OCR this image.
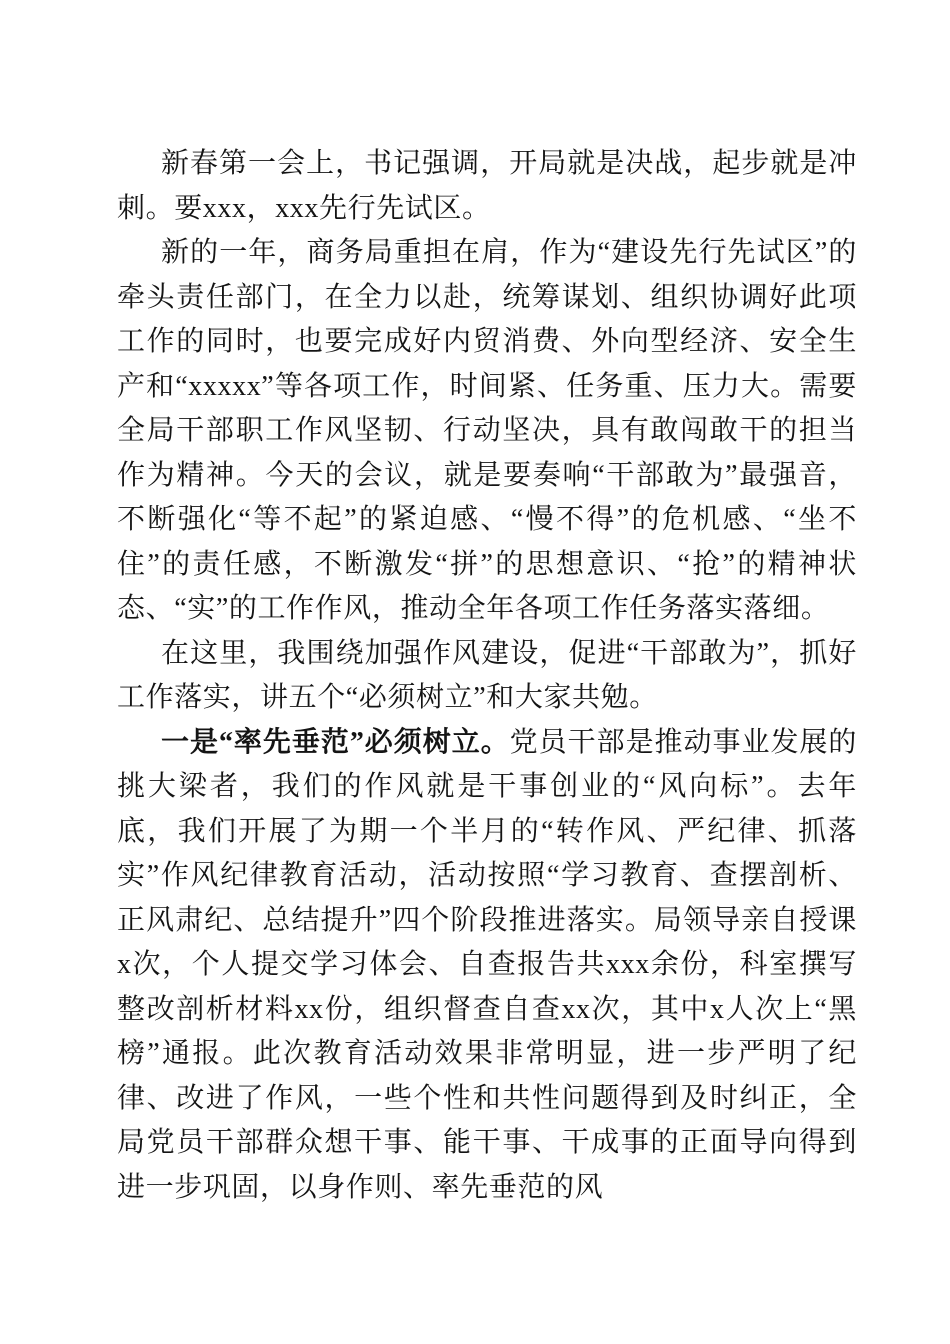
新春第一会上，书记强调，开局就是决战，起步就是冲刺。要xxx，xxx先行先试区。

新的一年，商务局重担在肩，作为“建设先行先试区”的牵头责任部门，在全力以赴，统筹谋划、组织协调好此项工作的同时，也要完成好内贸消费、外向型经济、安全生产和“xxxxx”等各项工作，时间紧、任务重、压力大。需要全局干部职工作风坚韧、行动坚决，具有敢闯敢干的担当作为精神。今天的会议，就是要奏响“干部敢为”最强音，不断强化“等不起”的紧迫感、“慢不得”的危机感、“坐不住”的责任感，不断激发“拼”的思想意识、“抢”的精神状态、“实”的工作作风，推动全年各项工作任务落实落细。

在这里，我围绕加强作风建设，促进“干部敢为”，抓好工作落实，讲五个“必须树立”和大家共勉。

一是“率先垂范”必须树立。党员干部是推动事业发展的挑大梁者，我们的作风就是干事创业的“风向标”。去年底，我们开展了为期一个半月的“转作风、严纪律、抓落实”作风纪律教育活动，活动按照“学习教育、查摆剖析、正风肃纪、总结提升”四个阶段推进落实。局领导亲自授课x次，个人提交学习体会、自查报告共xxx余份，科室撰写整改剖析材料xx份，组织督查自查xx次，其中x人次上“黑榜”通报。此次教育活动效果非常明显，进一步严明了纪律、改进了作风，一些个性和共性问题得到及时纠正，全局党员干部群众想干事、能干事、干成事的正面导向得到进一步巩固，以身作则、率先垂范的风
